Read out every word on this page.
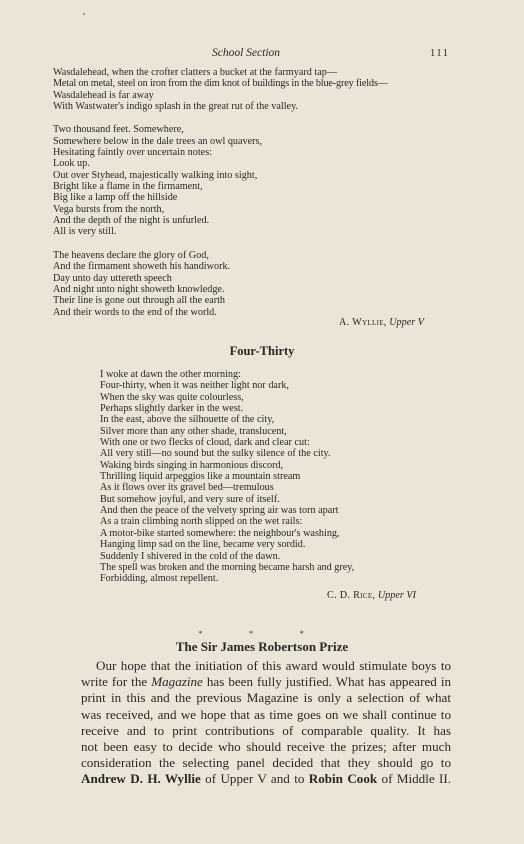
School Section	111
Wasdalehead, when the crofter clatters a bucket at the farmyard tap—
Metal on metal, steel on iron from the dim knot of buildings in the blue-grey fields—
Wasdalehead is far away
With Wastwater's indigo splash in the great rut of the valley.
Two thousand feet. Somewhere,
Somewhere below in the dale trees an owl quavers,
Hesitating faintly over uncertain notes:
Look up.
Out over Styhead, majestically walking into sight,
Bright like a flame in the firmament,
Big like a lamp off the hillside
Vega bursts from the north,
And the depth of the night is unfurled.
All is very still.
The heavens declare the glory of God,
And the firmament showeth his handiwork.
Day unto day uttereth speech
And night unto night showeth knowledge.
Their line is gone out through all the earth
And their words to the end of the world.
A. Wyllie, Upper V
Four-Thirty
I woke at dawn the other morning:
Four-thirty, when it was neither light nor dark,
When the sky was quite colourless,
Perhaps slightly darker in the west.
In the east, above the silhouette of the city,
Silver more than any other shade, translucent,
With one or two flecks of cloud, dark and clear cut:
All very still—no sound but the sulky silence of the city.
Waking birds singing in harmonious discord,
Thrilling liquid arpeggios like a mountain stream
As it flows over its gravel bed—tremulous
But somehow joyful, and very sure of itself.
And then the peace of the velvety spring air was torn apart
As a train climbing north slipped on the wet rails:
A motor-bike started somewhere: the neighbour's washing,
Hanging limp sad on the line, became very sordid.
Suddenly I shivered in the cold of the dawn.
The spell was broken and the morning became harsh and grey,
Forbidding, almost repellent.
C. D. Rice, Upper VI
* * *
The Sir James Robertson Prize
Our hope that the initiation of this award would stimulate boys to
write for the Magazine has been fully justified. What has appeared in
print in this and the previous Magazine is only a selection of what
was received, and we hope that as time goes on we shall continue to
receive and to print contributions of comparable quality. It has
not been easy to decide who should receive the prizes; after much
consideration the selecting panel decided that they should go to
Andrew D. H. Wyllie of Upper V and to Robin Cook of Middle II.
